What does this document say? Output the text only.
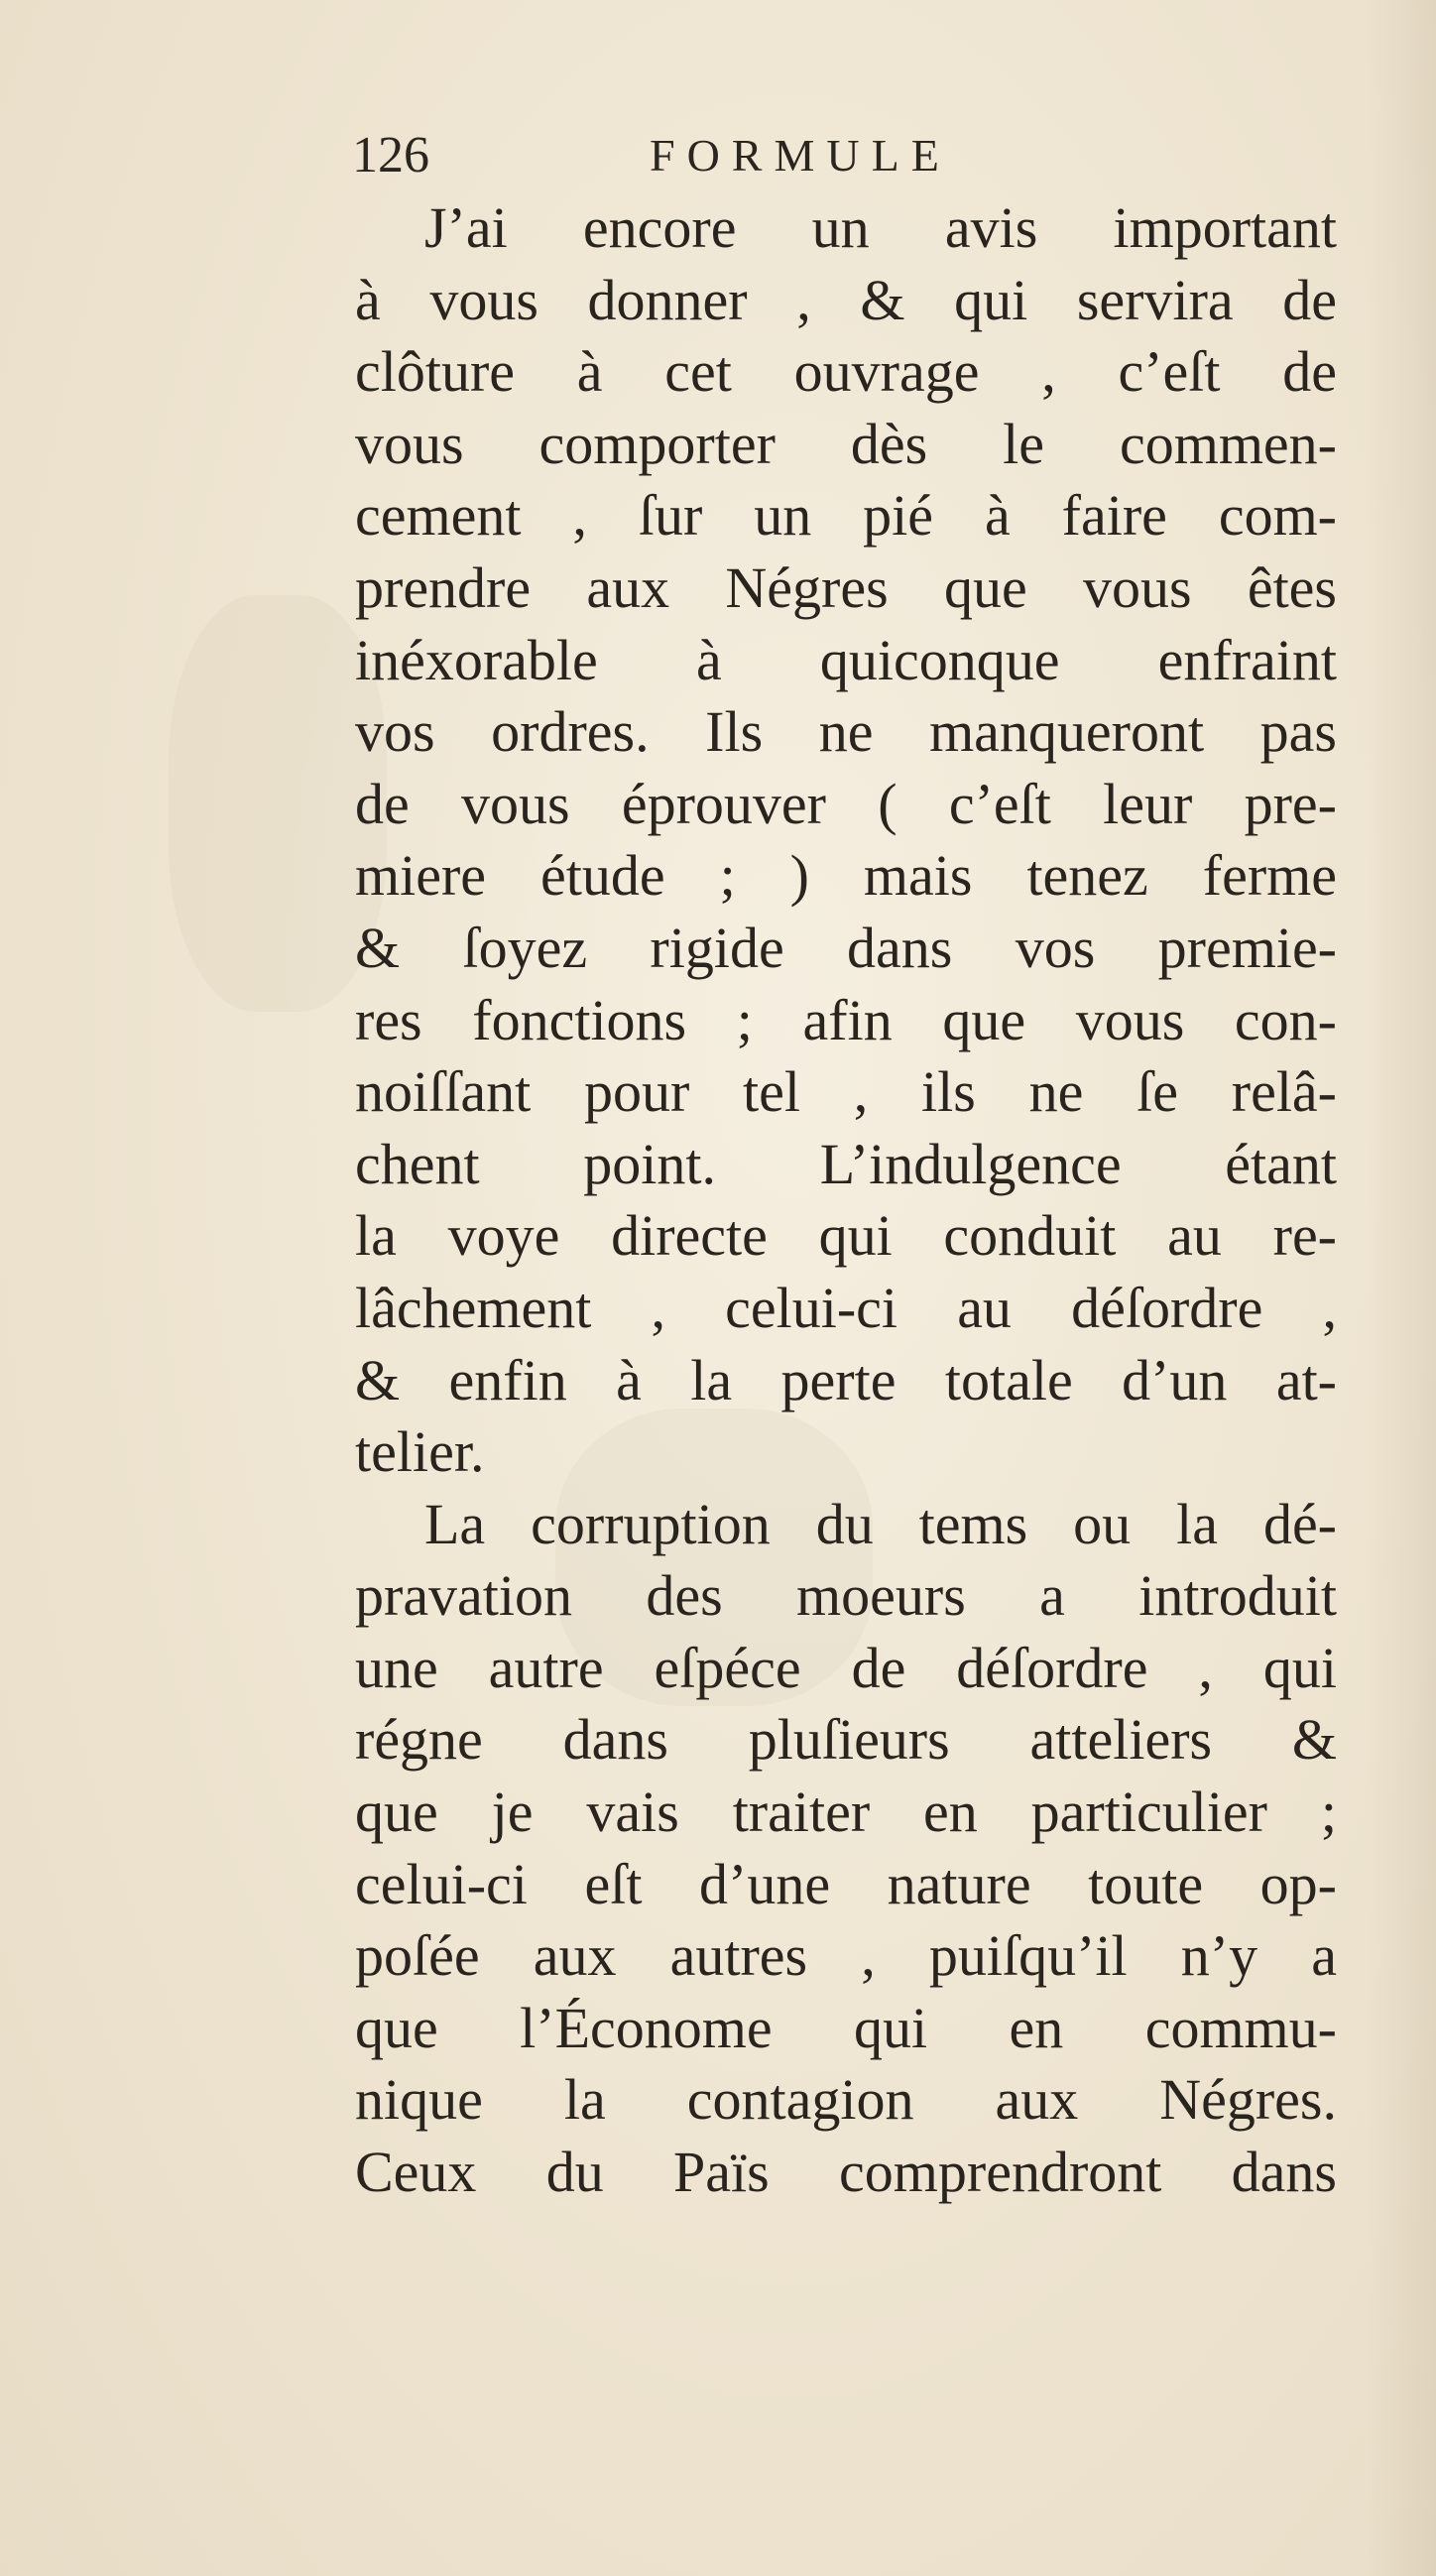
126	FORMULE
J’ai encore un avis important
à vous donner , & qui servira de
clôture à cet ouvrage , c’eſt de
vous comporter dès le commen-
cement , ſur un pié à faire com-
prendre aux Négres que vous êtes
inéxorable à quiconque enfraint
vos ordres. Ils ne manqueront pas
de vous éprouver ( c’eſt leur pre-
miere étude ; ) mais tenez ferme
& ſoyez rigide dans vos premie-
res fonctions ; afin que vous con-
noiſſant pour tel , ils ne ſe relâ-
chent point. L’indulgence étant
la voye directe qui conduit au re-
lâchement , celui-ci au déſordre ,
& enfin à la perte totale d’un at-
telier.
La corruption du tems ou la dé-
pravation des moeurs a introduit
une autre eſpéce de déſordre , qui
régne dans pluſieurs atteliers &
que je vais traiter en particulier ;
celui-ci eſt d’une nature toute op-
poſée aux autres , puiſqu’il n’y a
que l’Économe qui en commu-
nique la contagion aux Négres.
Ceux du Païs comprendront dans
